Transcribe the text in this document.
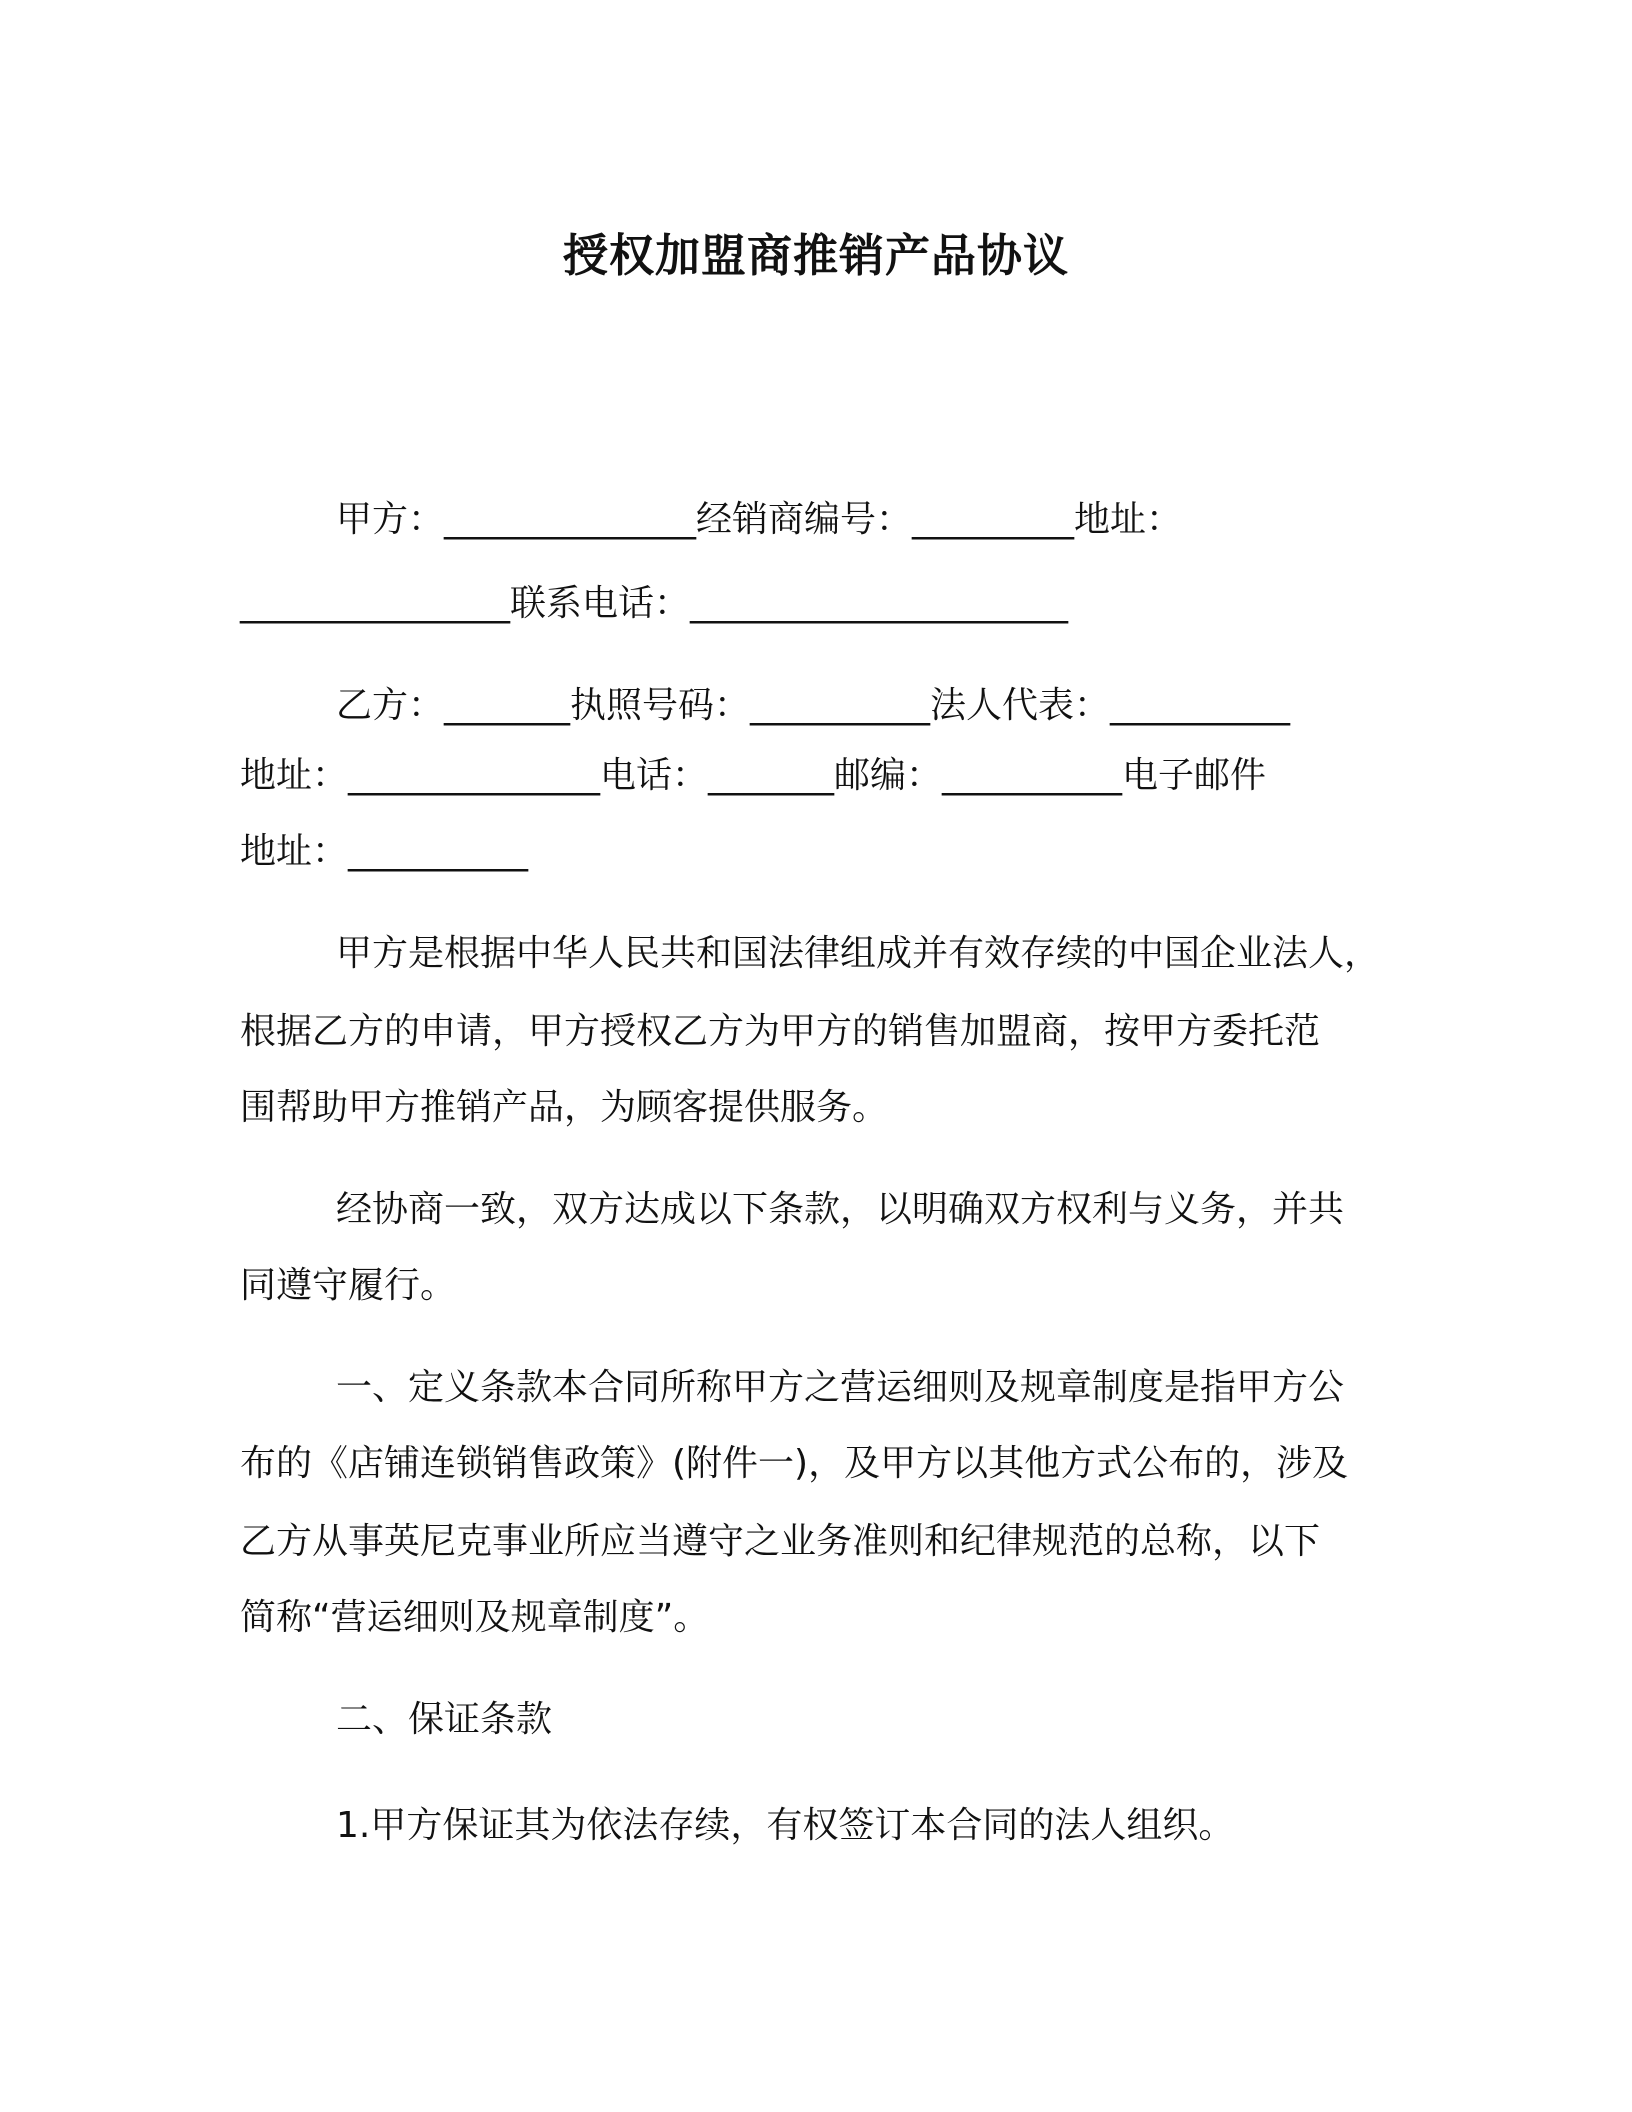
授权加盟商推销产品协议
甲方：______________经销商编号：_________地址：
_______________联系电话：_____________________
乙方：_______执照号码：__________法人代表：__________
地址：______________电话：_______邮编：__________电子邮件
地址：__________
甲方是根据中华人民共和国法律组成并有效存续的中国企业法人，
根据乙方的申请，甲方授权乙方为甲方的销售加盟商，按甲方委托范
围帮助甲方推销产品，为顾客提供服务。
经协商一致，双方达成以下条款，以明确双方权利与义务，并共
同遵守履行。
一、定义条款本合同所称甲方之营运细则及规章制度是指甲方公
布的《店铺连锁销售政策》(附件一)，及甲方以其他方式公布的，涉及
乙方从事英尼克事业所应当遵守之业务准则和纪律规范的总称，以下
简称“营运细则及规章制度”。
二、保证条款
1.甲方保证其为依法存续，有权签订本合同的法人组织。
